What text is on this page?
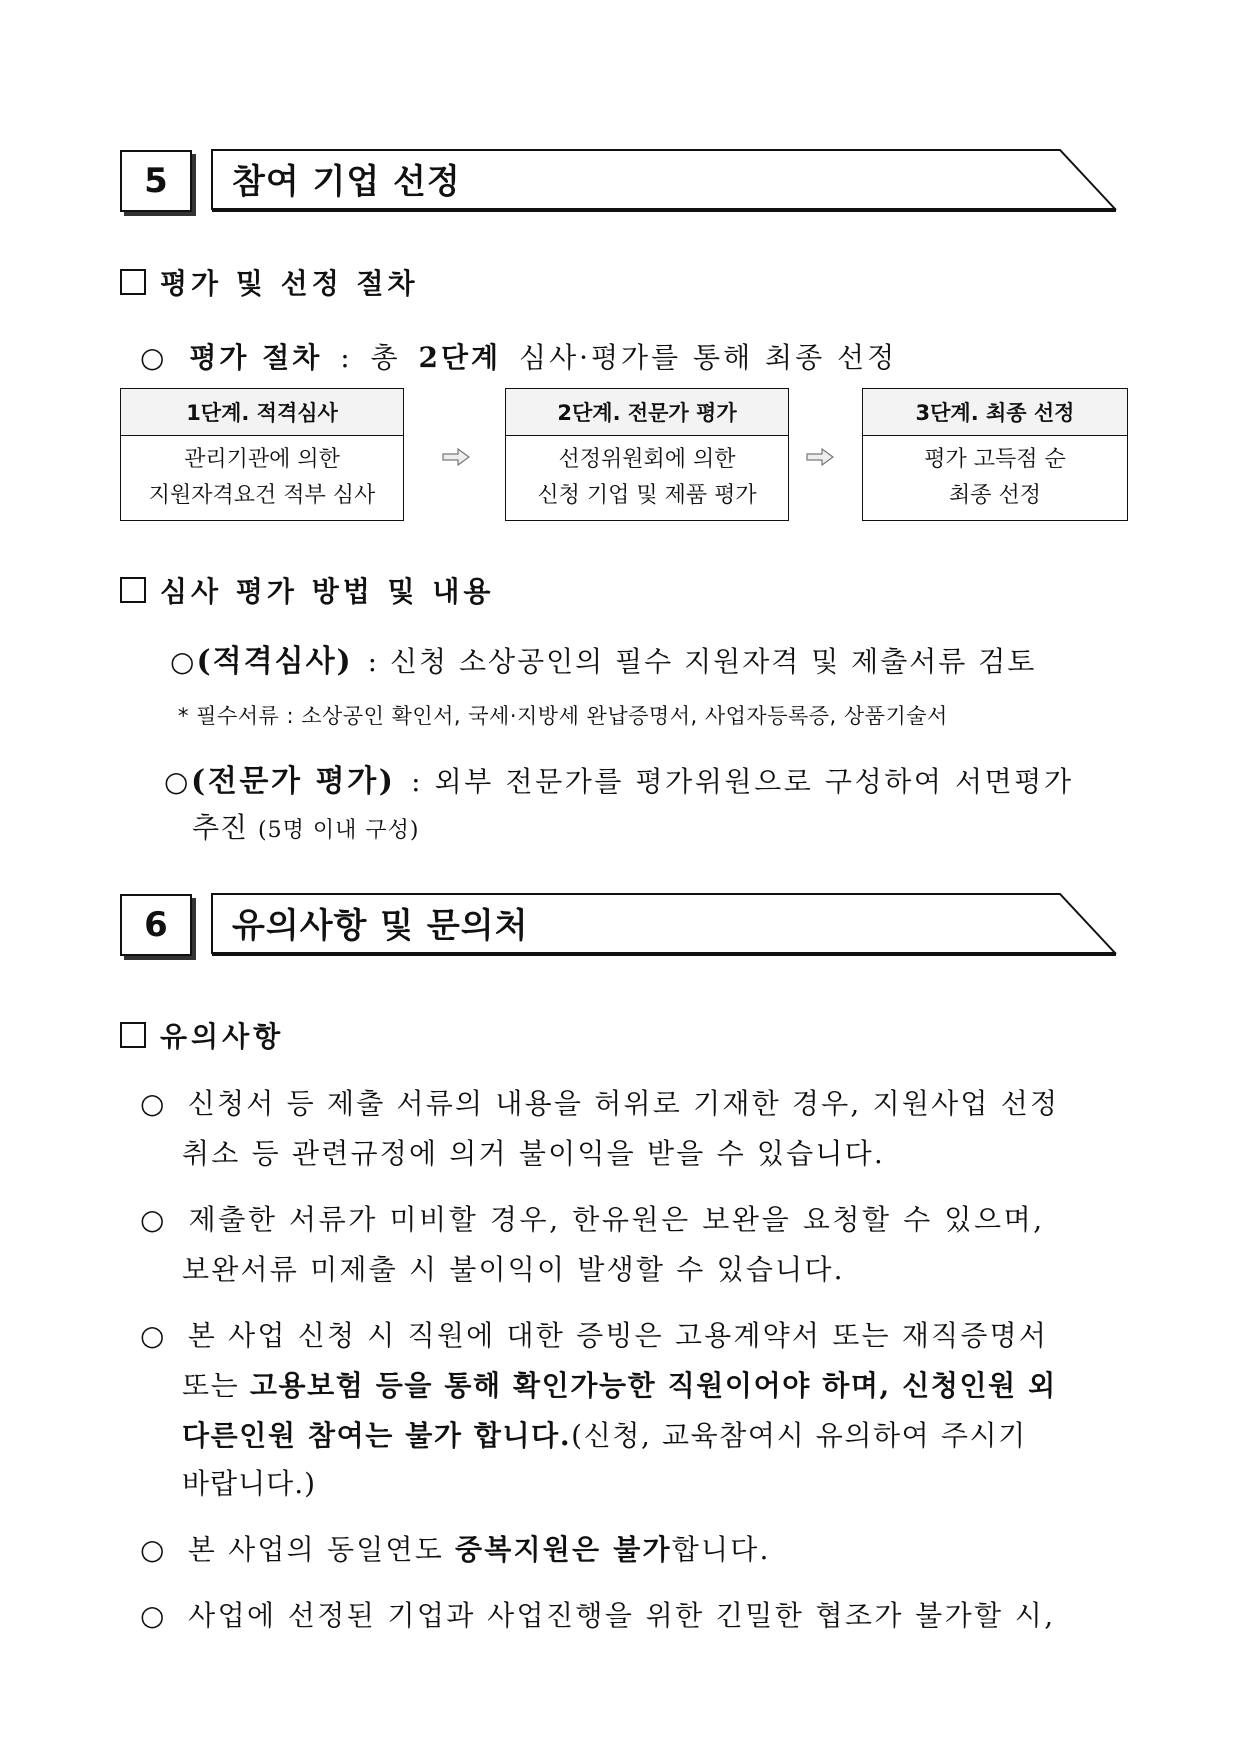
5	참여 기업 선정
평가 및 선정 절차
○ 평가 절차 : 총 2단계 심사·평가를 통해 최종 선정
1단계. 적격심사
관리기관에 의한
지원자격요건 적부 심사
2단계. 전문가 평가
선정위원회에 의한
신청 기업 및 제품 평가
3단계. 최종 선정
평가 고득점 순
최종 선정
심사 평가 방법 및 내용
○(적격심사) : 신청 소상공인의 필수 지원자격 및 제출서류 검토
* 필수서류 : 소상공인 확인서, 국세·지방세 완납증명서, 사업자등록증, 상품기술서
○(전문가 평가) : 외부 전문가를 평가위원으로 구성하여 서면평가
추진 (5명 이내 구성)
6	유의사항 및 문의처
유의사항
○ 신청서 등 제출 서류의 내용을 허위로 기재한 경우, 지원사업 선정
취소 등 관련규정에 의거 불이익을 받을 수 있습니다.
○ 제출한 서류가 미비할 경우, 한유원은 보완을 요청할 수 있으며,
보완서류 미제출 시 불이익이 발생할 수 있습니다.
○ 본 사업 신청 시 직원에 대한 증빙은 고용계약서 또는 재직증명서
또는 고용보험 등을 통해 확인가능한 직원이어야 하며, 신청인원 외
다른인원 참여는 불가 합니다.(신청, 교육참여시 유의하여 주시기
바랍니다.)
○ 본 사업의 동일연도 중복지원은 불가합니다.
○ 사업에 선정된 기업과 사업진행을 위한 긴밀한 협조가 불가할 시,
